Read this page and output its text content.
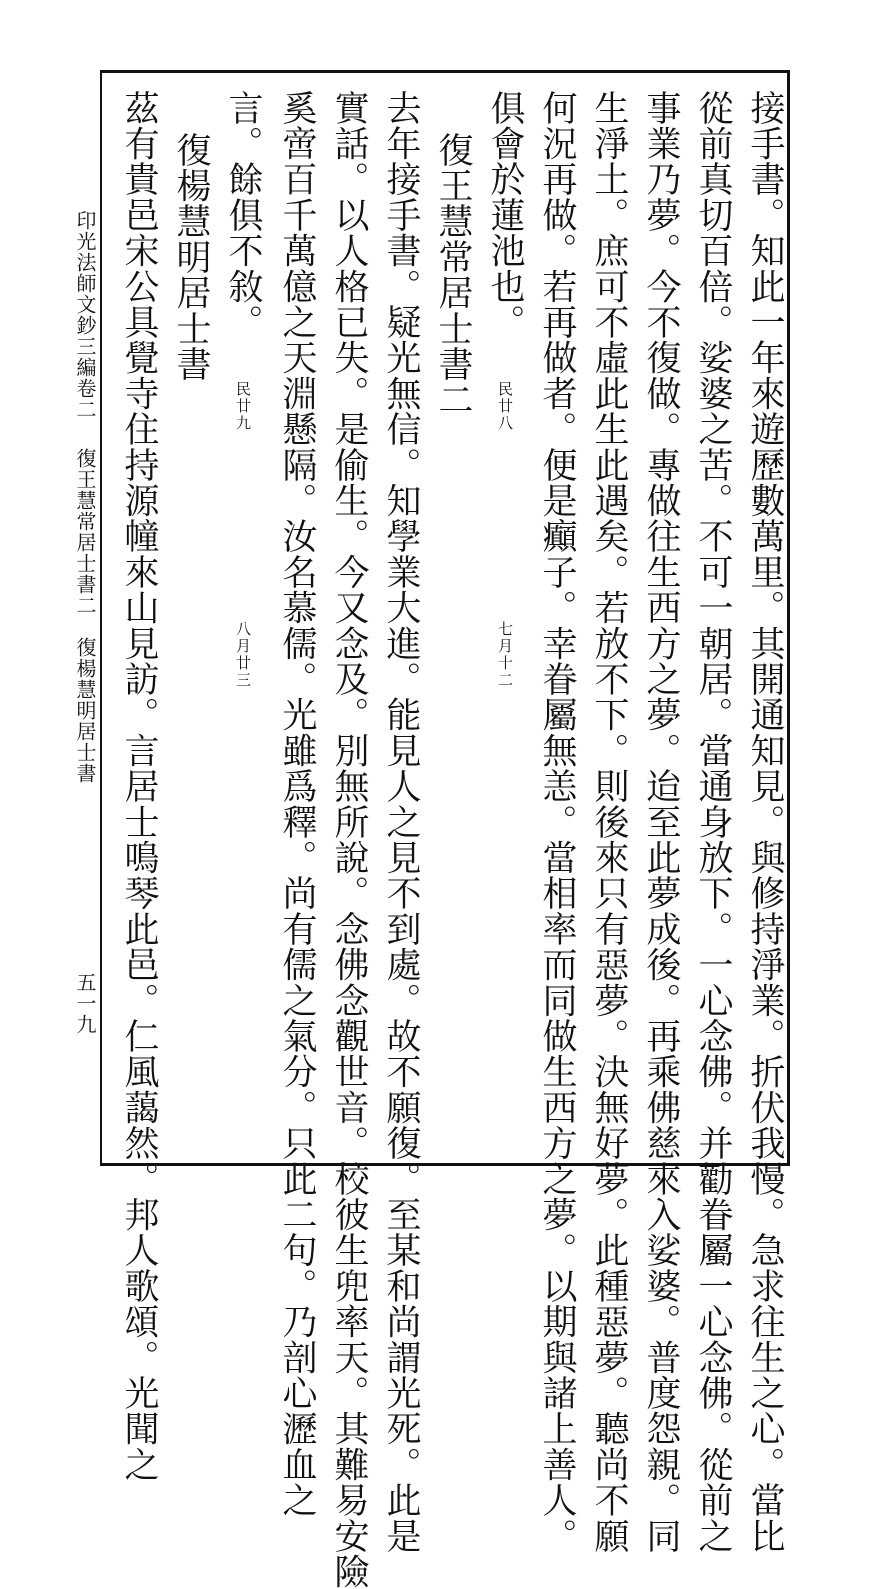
接手書。知此一年來遊歷數萬里。其開通知見。與修持淨業。折伏我慢。急求往生之心。當比
從前真切百倍。娑婆之苦。不可一朝居。當通身放下。一心念佛。并勸眷屬一心念佛。從前之
事業乃夢。今不復做。專做往生西方之夢。迨至此夢成後。再乘佛慈來入娑婆。普度怨親。同
生淨土。庶可不虛此生此遇矣。若放不下。則後來只有惡夢。決無好夢。此種惡夢。聽尚不願
何況再做。若再做者。便是癲子。幸眷屬無恙。當相率而同做生西方之夢。以期與諸上善人。
俱會於蓮池也。 民廿八 七月十二
復王慧常居士書二
去年接手書。疑光無信。知學業大進。能見人之見不到處。故不願復。至某和尚謂光死。此是
實話。以人格已失。是偷生。今又念及。別無所說。念佛念觀世音。校彼生兜率天。其難易安險
奚啻百千萬億之天淵懸隔。汝名慕儒。光雖爲釋。尚有儒之氣分。只此二句。乃剖心瀝血之
言。餘俱不敘。 民廿九 八月廿三
復楊慧明居士書
茲有貴邑宋公具覺寺住持源幢來山見訪。言居士鳴琴此邑。仁風藹然。邦人歌頌。光聞之
印光法師文鈔三編卷二
復王慧常居士書二　復楊慧明居士書
五一九
